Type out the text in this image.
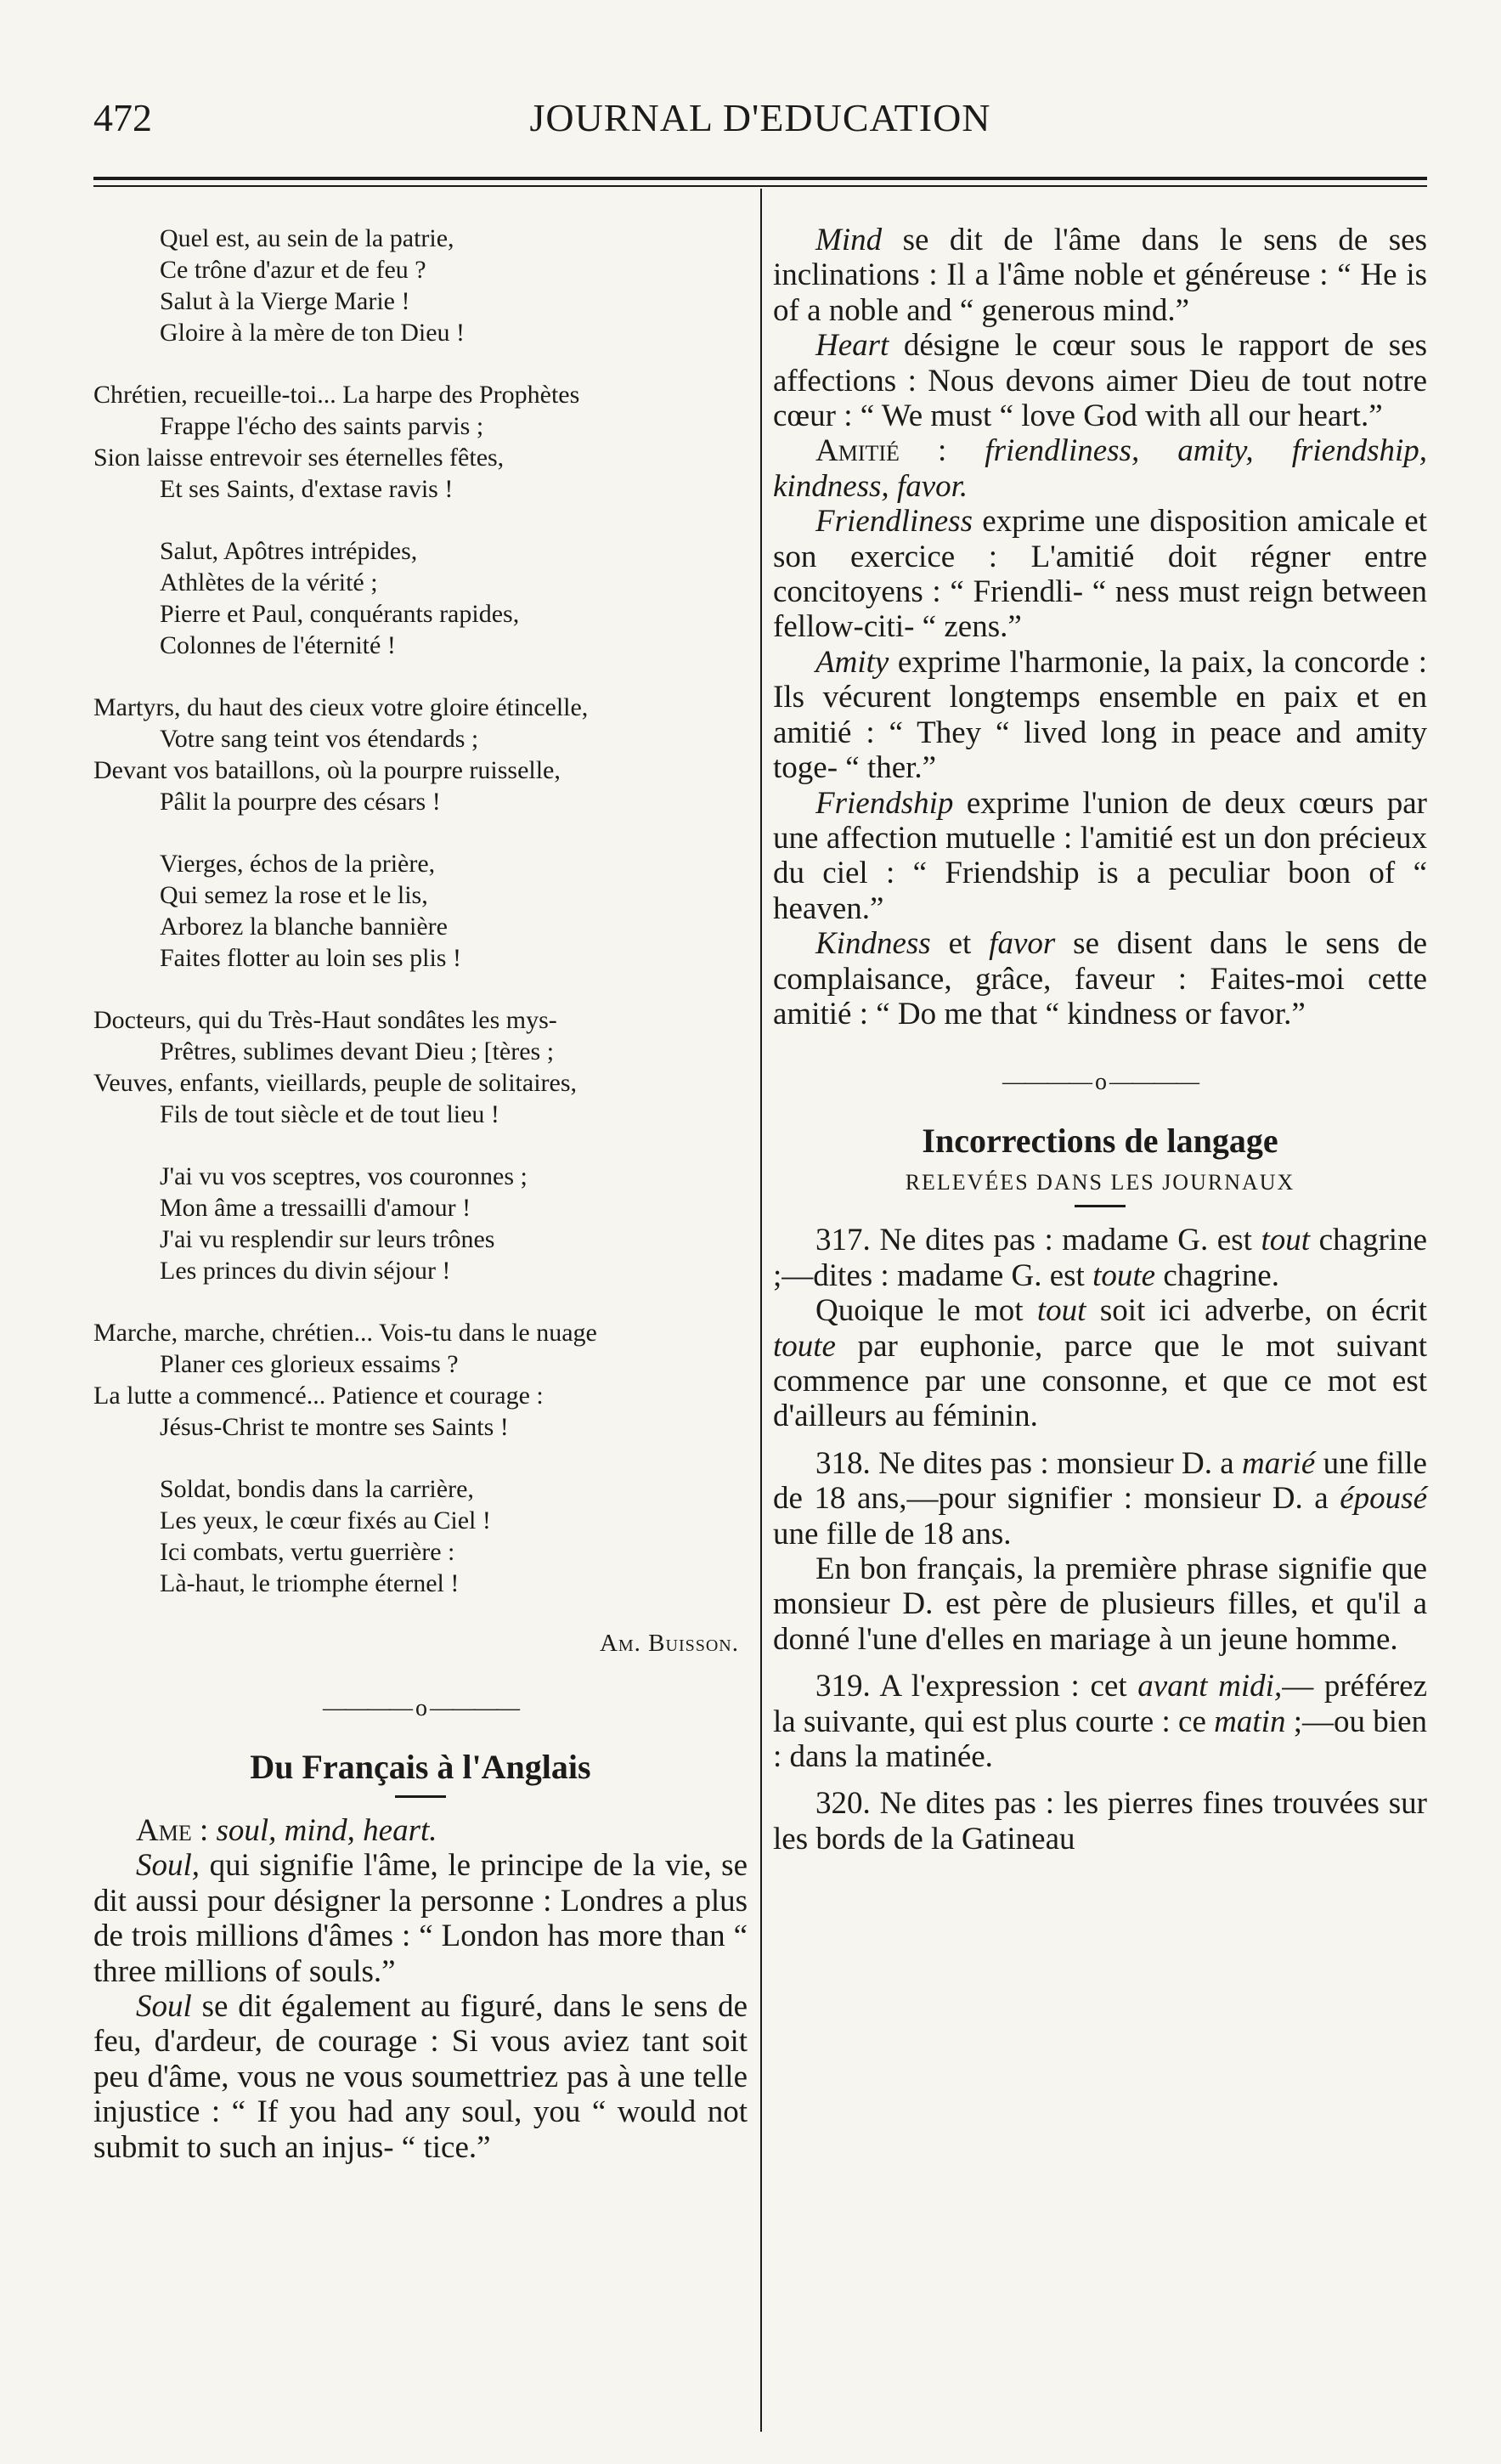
472	JOURNAL D'EDUCATION
Quel est, au sein de la patrie,
Ce trône d'azur et de feu ?
Salut à la Vierge Marie !
Gloire à la mère de ton Dieu !
Chrétien, recueille-toi... La harpe des Prophètes
Frappe l'écho des saints parvis ;
Sion laisse entrevoir ses éternelles fêtes,
Et ses Saints, d'extase ravis !
Salut, Apôtres intrépides,
Athlètes de la vérité ;
Pierre et Paul, conquérants rapides,
Colonnes de l'éternité !
Martyrs, du haut des cieux votre gloire étincelle,
Votre sang teint vos étendards ;
Devant vos bataillons, où la pourpre ruisselle,
Pâlit la pourpre des césars !
Vierges, échos de la prière,
Qui semez la rose et le lis,
Arborez la blanche bannière
Faites flotter au loin ses plis !
Docteurs, qui du Très-Haut sondâtes les mys-
Prêtres, sublimes devant Dieu ; [tères ;
Veuves, enfants, vieillards, peuple de solitaires,
Fils de tout siècle et de tout lieu !
J'ai vu vos sceptres, vos couronnes ;
Mon âme a tressailli d'amour !
J'ai vu resplendir sur leurs trônes
Les princes du divin séjour !
Marche, marche, chrétien... Vois-tu dans le nuage
Planer ces glorieux essaims ?
La lutte a commencé... Patience et courage :
Jésus-Christ te montre ses Saints !
Soldat, bondis dans la carrière,
Les yeux, le cœur fixés au Ciel !
Ici combats, vertu guerrière :
Là-haut, le triomphe éternel !
Am. Buisson.
———— o ————
Du Français à l'Anglais

Ame : soul, mind, heart.
Soul, qui signifie l'âme, le principe de la vie, se dit aussi pour désigner la personne : Londres a plus de trois millions d'âmes : “ London has more than “ three millions of souls.”
Soul se dit également au figuré, dans le sens de feu, d'ardeur, de courage : Si vous aviez tant soit peu d'âme, vous ne vous soumettriez pas à une telle injustice : “ If you had any soul, you “ would not submit to such an injus- “ tice.”

Mind se dit de l'âme dans le sens de ses inclinations : Il a l'âme noble et généreuse : “ He is of a noble and “ generous mind.”
Heart désigne le cœur sous le rapport de ses affections : Nous devons aimer Dieu de tout notre cœur : “ We must “ love God with all our heart.”
Amitié : friendliness, amity, friendship, kindness, favor.
Friendliness exprime une disposition amicale et son exercice : L'amitié doit régner entre concitoyens : “ Friendli- “ ness must reign between fellow-citi- “ zens.”
Amity exprime l'harmonie, la paix, la concorde : Ils vécurent longtemps ensemble en paix et en amitié : “ They “ lived long in peace and amity toge- “ ther.”
Friendship exprime l'union de deux cœurs par une affection mutuelle : l'amitié est un don précieux du ciel : “ Friendship is a peculiar boon of “ heaven.”
Kindness et favor se disent dans le sens de complaisance, grâce, faveur : Faites-moi cette amitié : “ Do me that “ kindness or favor.”

———— o ————
Incorrections de langage
RELEVÉES DANS LES JOURNAUX

317. Ne dites pas : madame G. est tout chagrine ;—dites : madame G. est toute chagrine.
Quoique le mot tout soit ici adverbe, on écrit toute par euphonie, parce que le mot suivant commence par une consonne, et que ce mot est d'ailleurs au féminin.

318. Ne dites pas : monsieur D. a marié une fille de 18 ans,—pour signifier : monsieur D. a épousé une fille de 18 ans.
En bon français, la première phrase signifie que monsieur D. est père de plusieurs filles, et qu'il a donné l'une d'elles en mariage à un jeune homme.

319. A l'expression : cet avant midi,— préférez la suivante, qui est plus courte : ce matin ;—ou bien : dans la matinée.

320. Ne dites pas : les pierres fines trouvées sur les bords de la Gatineau
